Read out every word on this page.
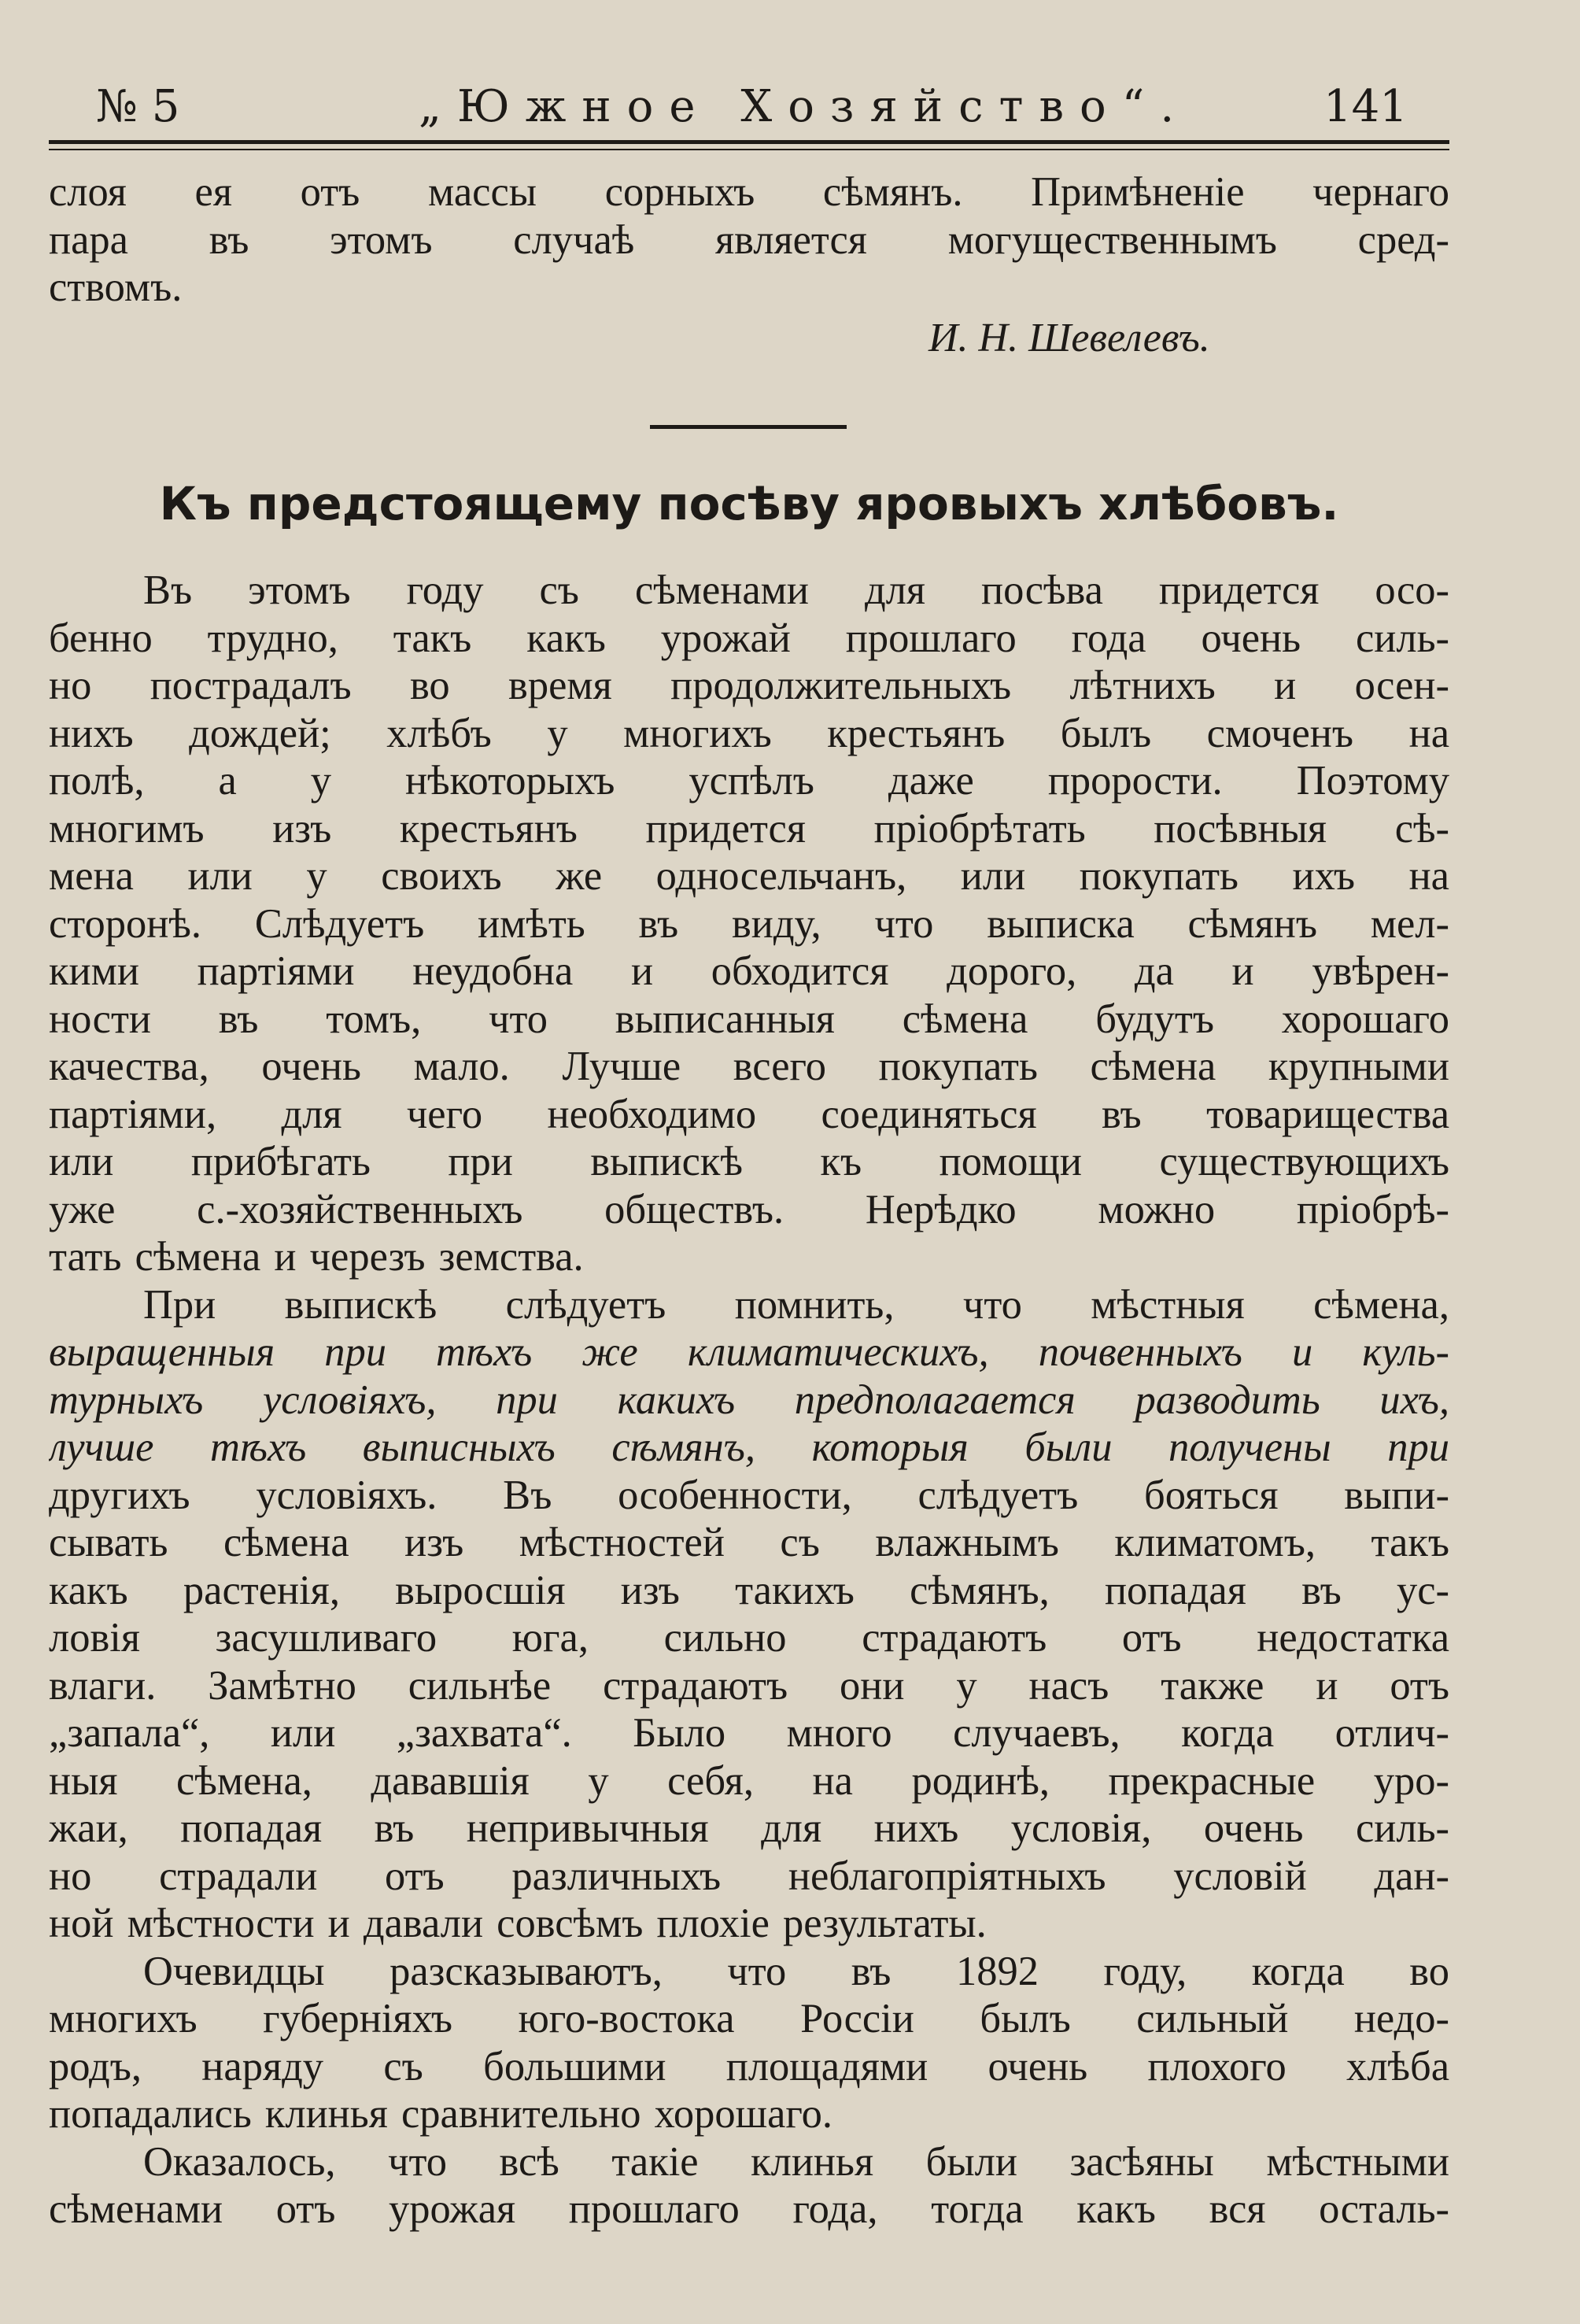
№ 5	„Южное Хозяйство“.	141
слоя ея отъ массы сорныхъ сѣмянъ. Примѣненіе чернаго
пара въ этомъ случаѣ является могущественнымъ сред-
ствомъ.
И. Н. Шевелевъ.
Къ предстоящему посѣву яровыхъ хлѣбовъ.
Въ этомъ году съ сѣменами для посѣва придется осо-
бенно трудно, такъ какъ урожай прошлаго года очень силь-
но пострадалъ во время продолжительныхъ лѣтнихъ и осен-
нихъ дождей; хлѣбъ у многихъ крестьянъ былъ смоченъ на
полѣ, а у нѣкоторыхъ успѣлъ даже прорости. Поэтому
многимъ изъ крестьянъ придется пріобрѣтать посѣвныя сѣ-
мена или у своихъ же односельчанъ, или покупать ихъ на
сторонѣ. Слѣдуетъ имѣть въ виду, что выписка сѣмянъ мел-
кими партіями неудобна и обходится дорого, да и увѣрен-
ности въ томъ, что выписанныя сѣмена будутъ хорошаго
качества, очень мало. Лучше всего покупать сѣмена крупными
партіями, для чего необходимо соединяться въ товарищества
или прибѣгать при выпискѣ къ помощи существующихъ
уже с.-хозяйственныхъ обществъ. Нерѣдко можно пріобрѣ-
тать сѣмена и черезъ земства.
При выпискѣ слѣдуетъ помнить, что мѣстныя сѣмена,
выращенныя при тѣхъ же климатическихъ, почвенныхъ и куль-
турныхъ условіяхъ, при какихъ предполагается разводить ихъ,
лучше тѣхъ выписныхъ сѣмянъ, которыя были получены при
другихъ условіяхъ. Въ особенности, слѣдуетъ бояться выпи-
сывать сѣмена изъ мѣстностей съ влажнымъ климатомъ, такъ
какъ растенія, выросшія изъ такихъ сѣмянъ, попадая въ ус-
ловія засушливаго юга, сильно страдаютъ отъ недостатка
влаги. Замѣтно сильнѣе страдаютъ они у насъ также и отъ
„запала“, или „захвата“. Было много случаевъ, когда отлич-
ныя сѣмена, дававшія у себя, на родинѣ, прекрасные уро-
жаи, попадая въ непривычныя для нихъ условія, очень силь-
но страдали отъ различныхъ неблагопріятныхъ условій дан-
ной мѣстности и давали совсѣмъ плохіе результаты.
Очевидцы разсказываютъ, что въ 1892 году, когда во
многихъ губерніяхъ юго-востока Россіи былъ сильный недо-
родъ, наряду съ большими площадями очень плохого хлѣба
попадались клинья сравнительно хорошаго.
Оказалось, что всѣ такіе клинья были засѣяны мѣстными
сѣменами отъ урожая прошлаго года, тогда какъ вся осталь-
